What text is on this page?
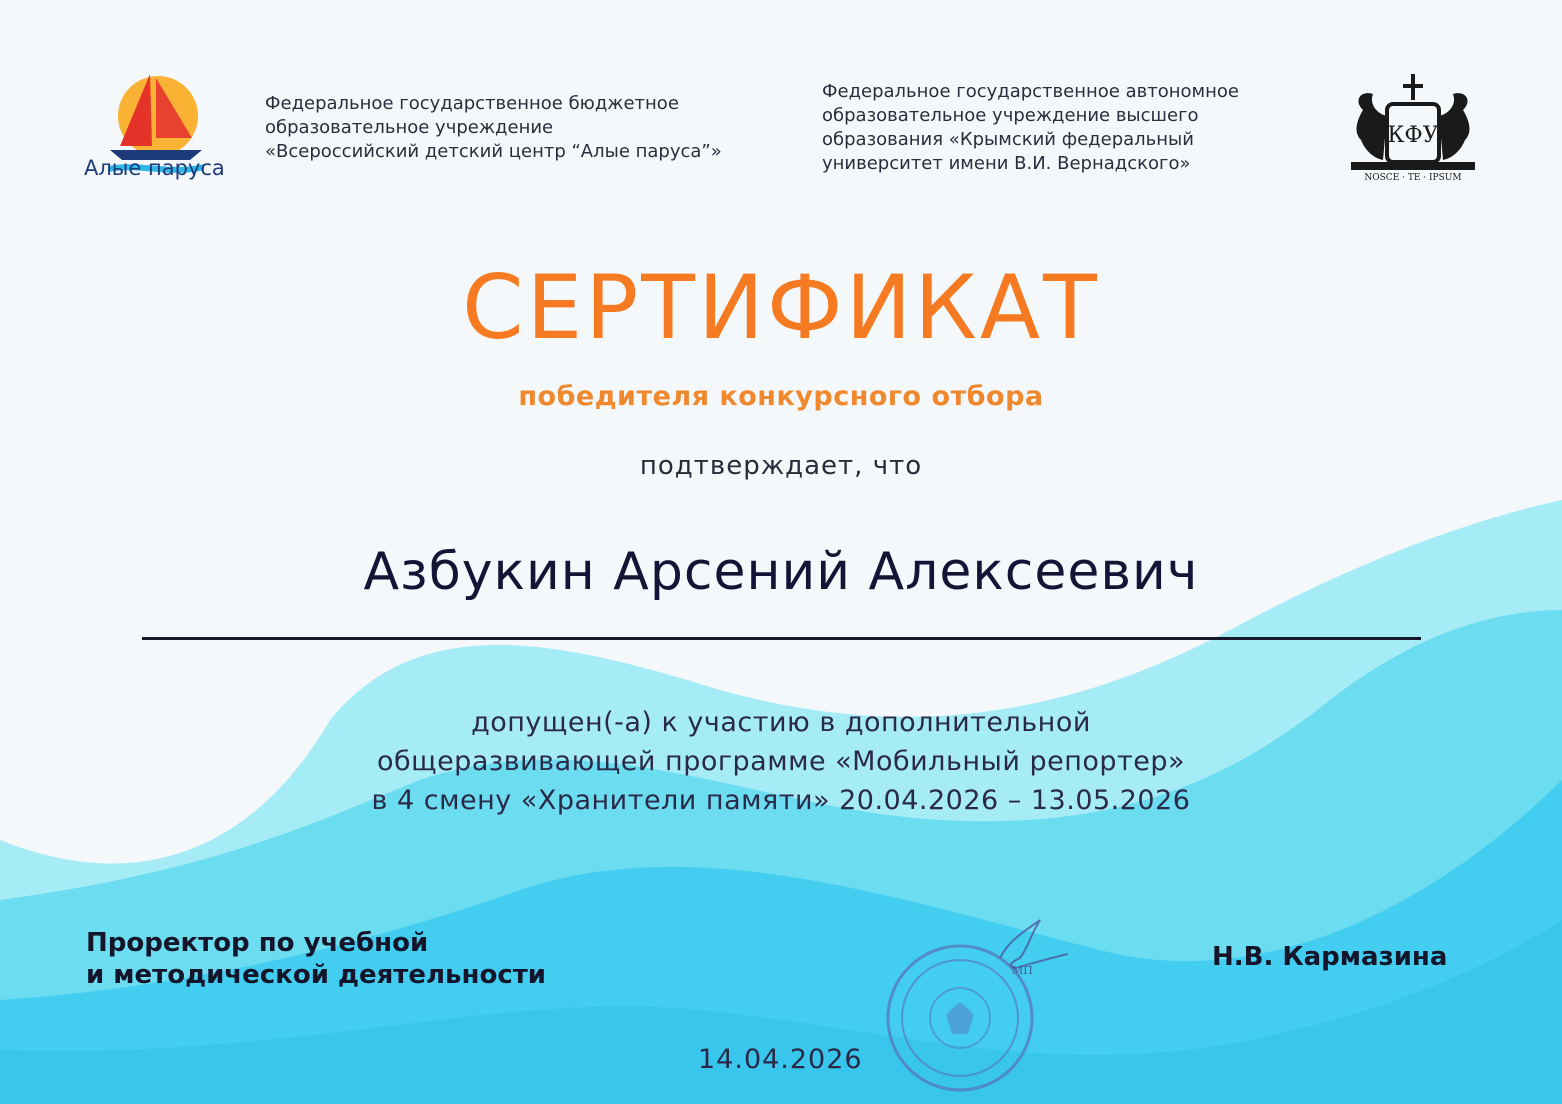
Алые паруса
Федеральное государственное бюджетное
образовательное учреждение
«Всероссийский детский центр “Алые паруса”»
Федеральное государственное автономное
образовательное учреждение высшего
образования «Крымский федеральный
университет имени В.И. Вернадского»
КФУ
NOSCE · TE · IPSUM
СЕРТИФИКАТ
победителя конкурсного отбора
подтверждает, что
Азбукин Арсений Алексеевич
допущен(-а) к участию в дополнительной
общеразвивающей программе «Мобильный репортер»
в 4 смену «Хранители памяти» 20.04.2026 – 13.05.2026
Проректор по учебной
и методической деятельности	МП	Н.В. Кармазина
14.04.2026
